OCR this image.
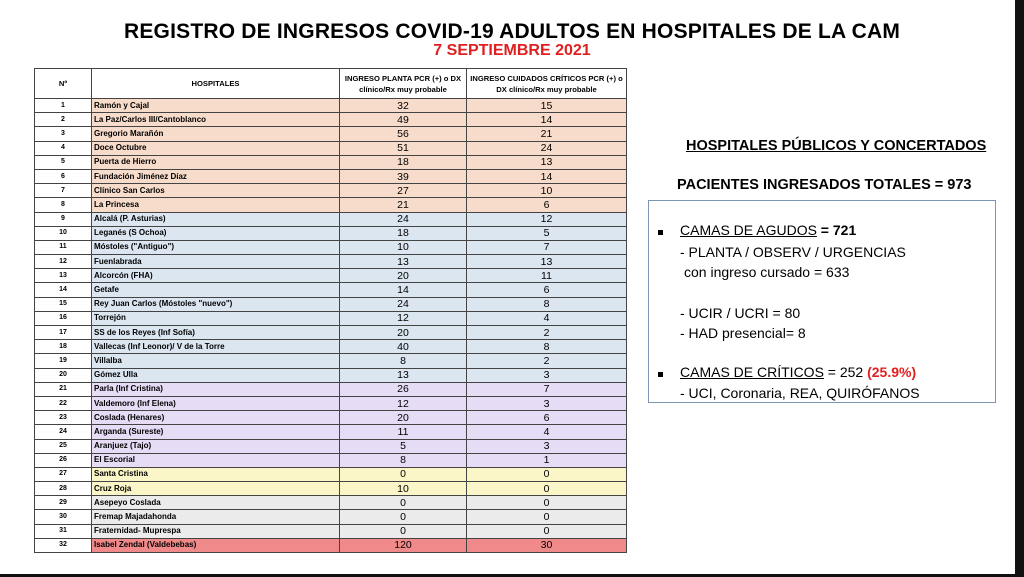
REGISTRO DE INGRESOS COVID-19 ADULTOS EN HOSPITALES DE LA CAM
7 SEPTIEMBRE 2021
Nº	HOSPITALES	INGRESO PLANTA PCR (+) o DX clínico/Rx muy probable	INGRESO CUIDADOS CRÍTICOS PCR (+) o DX clínico/Rx muy probable
1	Ramón y Cajal	32	15
2	La Paz/Carlos III/Cantoblanco	49	14
3	Gregorio Marañón	56	21
4	Doce Octubre	51	24
5	Puerta de Hierro	18	13
6	Fundación Jiménez Díaz	39	14
7	Clínico San Carlos	27	10
8	La Princesa	21	6
9	Alcalá (P. Asturias)	24	12
10	Leganés (S Ochoa)	18	5
11	Móstoles ("Antiguo")	10	7
12	Fuenlabrada	13	13
13	Alcorcón (FHA)	20	11
14	Getafe	14	6
15	Rey Juan Carlos (Móstoles "nuevo")	24	8
16	Torrejón	12	4
17	SS de los Reyes (Inf Sofía)	20	2
18	Vallecas (Inf Leonor)/ V de la Torre	40	8
19	Villalba	8	2
20	Gómez Ulla	13	3
21	Parla (Inf Cristina)	26	7
22	Valdemoro (Inf Elena)	12	3
23	Coslada (Henares)	20	6
24	Arganda (Sureste)	11	4
25	Aranjuez (Tajo)	5	3
26	El Escorial	8	1
27	Santa Cristina	0	0
28	Cruz Roja	10	0
29	Asepeyo Coslada	0	0
30	Fremap Majadahonda	0	0
31	Fraternidad- Muprespa	0	0
32	Isabel Zendal (Valdebebas)	120	30
HOSPITALES PÚBLICOS Y CONCERTADOS
PACIENTES INGRESADOS TOTALES = 973
CAMAS DE AGUDOS = 721
- PLANTA / OBSERV / URGENCIAS
con ingreso cursado = 633
- UCIR / UCRI = 80
- HAD presencial= 8
CAMAS DE CRÍTICOS = 252 (25.9%)
- UCI, Coronaria, REA, QUIRÓFANOS
